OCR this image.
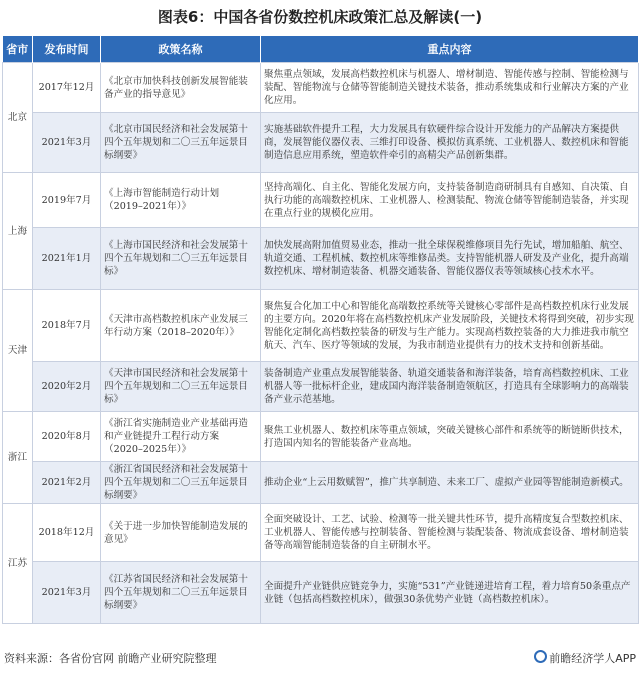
图表6：中国各省份数控机床政策汇总及解读(一)
省市	发布时间	政策名称	重点内容
北京	2017年12月	《北京市加快科技创新发展智能装备产业的指导意见》	聚焦重点领域，发展高档数控机床与机器人、增材制造、智能传感与控制、智能检测与装配、智能物流与仓储等智能制造关键技术装备，推动系统集成和行业解决方案的产业化应用。
	2021年3月	《北京市国民经济和社会发展第十四个五年规划和二〇三五年远景目标纲要》	实施基础软件提升工程，大力发展具有软硬件综合设计开发能力的产品解决方案提供商，发展智能仪器仪表、三维打印设备、模拟仿真系统、工业机器人、数控机床和智能制造信息应用系统，塑造软件牵引的高精尖产品创新集群。
上海	2019年7月	《上海市智能制造行动计划（2019–2021年）》	坚持高端化、自主化、智能化发展方向，支持装备制造商研制具有自感知、自决策、自执行功能的高端数控机床、工业机器人、检测装配、物流仓储等智能制造装备，并实现在重点行业的规模化应用。
	2021年1月	《上海市国民经济和社会发展第十四个五年规划和二〇三五年远景目标》	加快发展高附加值贸易业态，推动一批全球保税维修项目先行先试，增加船舶、航空、轨道交通、工程机械、数控机床等维修品类。支持智能机器人研发及产业化，提升高端数控机床、增材制造装备、机器交通装备、智能仪器仪表等领域核心技术水平。
天津	2018年7月	《天津市高档数控机床产业发展三年行动方案（2018–2020年）》	聚焦复合化加工中心和智能化高端数控系统等关键核心零部件是高档数控机床行业发展的主要方向。2020年将在高档数控机床产业发展阶段，关键技术将得到突破，初步实现智能化定制化高档数控装备的研发与生产能力。实现高档数控装备的大力推进我市航空航天、汽车、医疗等领域的发展，为我市制造业提供有力的技术支持和创新基础。
	2020年2月	《天津市国民经济和社会发展第十四个五年规划和二〇三五年远景目标》	装备制造产业重点发展智能装备、轨道交通装备和海洋装备，培育高档数控机床、工业机器人等一批标杆企业，建成国内海洋装备制造领航区，打造具有全球影响力的高端装备产业示范基地。
浙江	2020年8月	《浙江省实施制造业产业基础再造和产业链提升工程行动方案（2020–2025年）》	聚焦工业机器人、数控机床等重点领域，突破关键核心部件和系统等的断链断供技术，打造国内知名的智能装备产业高地。
	2021年2月	《浙江省国民经济和社会发展第十四个五年规划和二〇三五年远景目标纲要》	推动企业“上云用数赋智”，推广共享制造、未来工厂、虚拟产业园等智能制造新模式。
江苏	2018年12月	《关于进一步加快智能制造发展的意见》	全面突破设计、工艺、试验、检测等一批关键共性环节，提升高精度复合型数控机床、工业机器人、智能传感与控制装备、智能检测与装配装备、物流成套设备、增材制造装备等高端智能制造装备的自主研制水平。
	2021年3月	《江苏省国民经济和社会发展第十四个五年规划和二〇三五年远景目标纲要》	全面提升产业链供应链竞争力，实施“531”产业链递进培育工程，着力培育50条重点产业链（包括高档数控机床），做强30条优势产业链（高档数控机床）。
资料来源：各省份官网 前瞻产业研究院整理	前瞻经济学人APP
